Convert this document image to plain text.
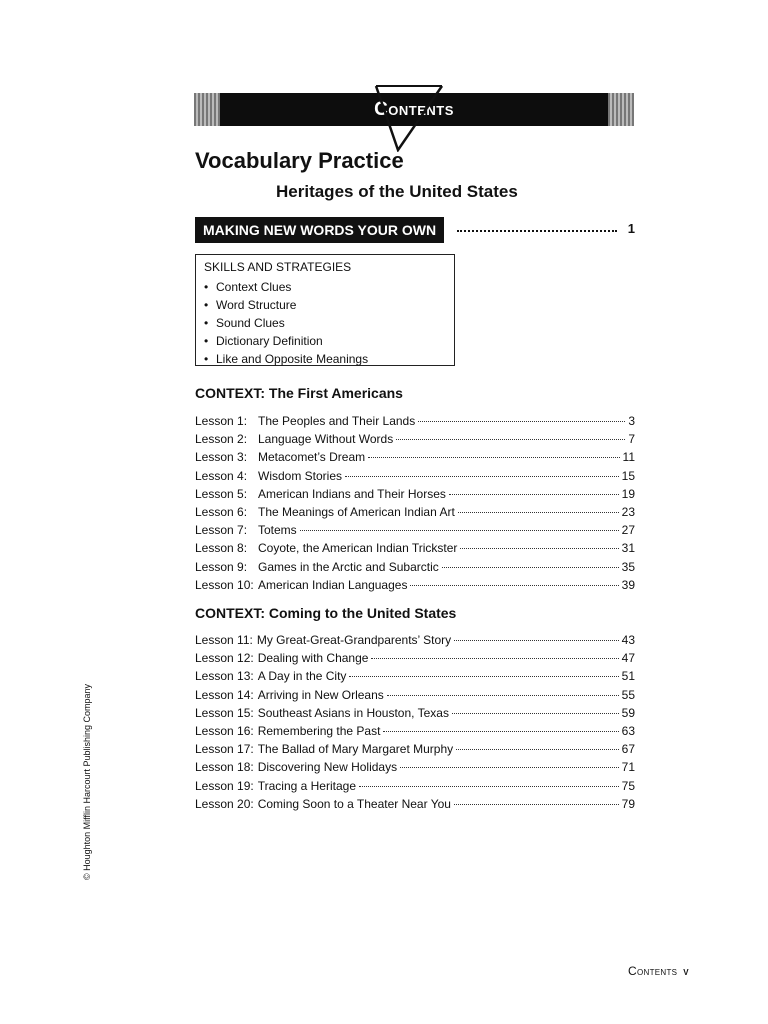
Contents
Vocabulary Practice
Heritages of the United States
MAKING NEW WORDS YOUR OWN	1
SKILLS AND STRATEGIES
• Context Clues
• Word Structure
• Sound Clues
• Dictionary Definition
• Like and Opposite Meanings
CONTEXT: The First Americans
Lesson 1: The Peoples and Their Lands	3
Lesson 2: Language Without Words	7
Lesson 3: Metacomet’s Dream	11
Lesson 4: Wisdom Stories	15
Lesson 5: American Indians and Their Horses	19
Lesson 6: The Meanings of American Indian Art	23
Lesson 7: Totems	27
Lesson 8: Coyote, the American Indian Trickster	31
Lesson 9: Games in the Arctic and Subarctic	35
Lesson 10: American Indian Languages	39
CONTEXT: Coming to the United States
Lesson 11: My Great-Great-Grandparents’ Story	43
Lesson 12: Dealing with Change	47
Lesson 13: A Day in the City	51
Lesson 14: Arriving in New Orleans	55
Lesson 15: Southeast Asians in Houston, Texas	59
Lesson 16: Remembering the Past	63
Lesson 17: The Ballad of Mary Margaret Murphy	67
Lesson 18: Discovering New Holidays	71
Lesson 19: Tracing a Heritage	75
Lesson 20: Coming Soon to a Theater Near You	79
© Houghton Mifflin Harcourt Publishing Company
Contents v
